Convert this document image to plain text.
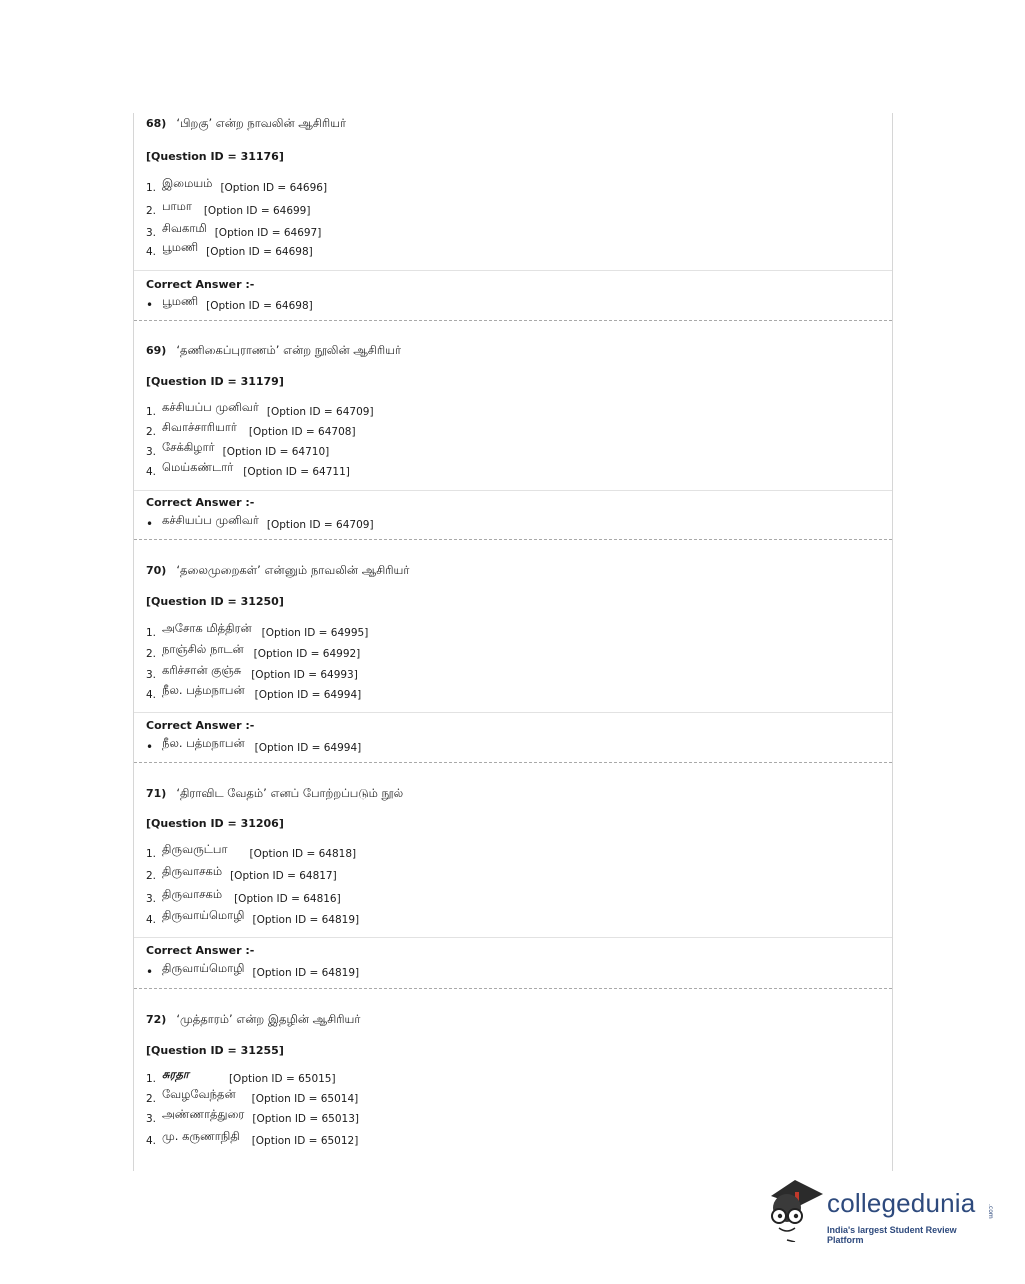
68) ‘பிறகு’ என்ற நாவலின் ஆசிரியர்
[Question ID = 31176]
1. இமையம் [Option ID = 64696]
2. பாமா [Option ID = 64699]
3. சிவகாமி [Option ID = 64697]
4. பூமணி [Option ID = 64698]
Correct Answer :-
• பூமணி [Option ID = 64698]
69) ‘தணிகைப்புராணம்’ என்ற நூலின் ஆசிரியர்
[Question ID = 31179]
1. கச்சியப்ப முனிவர் [Option ID = 64709]
2. சிவாச்சாரியார் [Option ID = 64708]
3. சேக்கிழார் [Option ID = 64710]
4. மெய்கண்டார் [Option ID = 64711]
Correct Answer :-
• கச்சியப்ப முனிவர் [Option ID = 64709]
70) ‘தலைமுறைகள்’ என்னும் நாவலின் ஆசிரியர்
[Question ID = 31250]
1. அசோக மித்திரன் [Option ID = 64995]
2. நாஞ்சில் நாடன் [Option ID = 64992]
3. கரிச்சான் குஞ்சு [Option ID = 64993]
4. நீல. பத்மநாபன் [Option ID = 64994]
Correct Answer :-
• நீல. பத்மநாபன் [Option ID = 64994]
71) ‘திராவிட வேதம்’ எனப் போற்றப்படும் நூல்
[Question ID = 31206]
1. திருவருட்பா [Option ID = 64818]
2. திருவாசகம் [Option ID = 64817]
3. திருவாசகம் [Option ID = 64816]
4. திருவாய்மொழி [Option ID = 64819]
Correct Answer :-
• திருவாய்மொழி [Option ID = 64819]
72) ‘முத்தாரம்’ என்ற இதழின் ஆசிரியர்
[Question ID = 31255]
1. சுரதா	[Option ID = 65015]
2. வேழவேந்தன் [Option ID = 65014]
3. அண்ணாத்துரை [Option ID = 65013]
4. மு. கருணாநிதி [Option ID = 65012]
collegedunia .com
India's largest Student Review Platform
